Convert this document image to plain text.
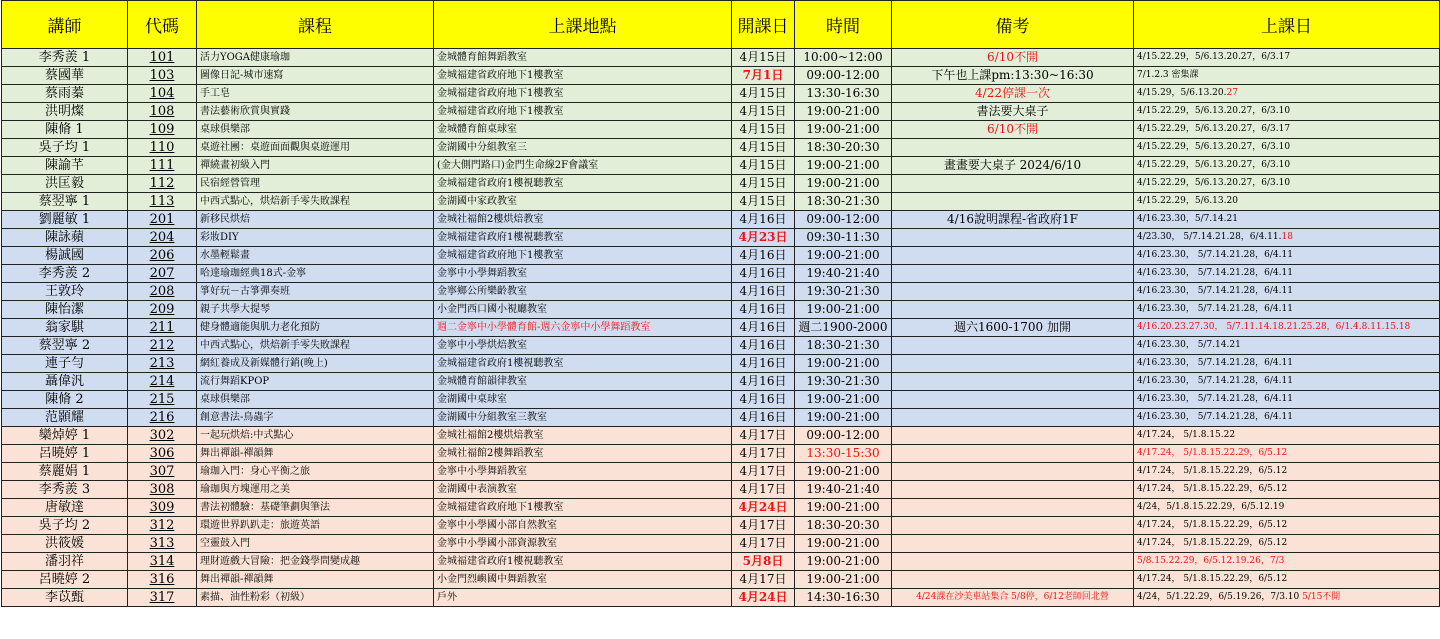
講師	代碼	課程	上課地點	開課日	時間	備考	上課日
李秀羨 1	101	活力YOGA健康瑜珈	金城體育館舞蹈教室	4月15日	10:00~12:00	6/10不開	4/15.22.29，5/6.13.20.27，6/3.17
蔡國華	103	圖像日記-城市速寫	金城福建省政府地下1樓教室	7月1日	09:00-12:00	下午也上課pm:13:30~16:30	7/1.2.3 密集課
蔡雨蓁	104	手工皂	金城福建省政府地下1樓教室	4月15日	13:30-16:30	4/22停課一次	4/15.29，5/6.13.20.27
洪明燦	108	書法藝術欣賞與實踐	金城福建省政府地下1樓教室	4月15日	19:00-21:00	書法要大桌子	4/15.22.29，5/6.13.20.27，6/3.10
陳脩 1	109	桌球俱樂部	金城體育館桌球室	4月15日	19:00-21:00	6/10不開	4/15.22.29，5/6.13.20.27，6/3.17
吳子均 1	110	桌遊社團：桌遊面面觀與桌遊運用	金湖國中分組教室三	4月15日	18:30-20:30		4/15.22.29，5/6.13.20.27，6/3.10
陳諭芊	111	禪繞畫初級入門	(金大側門路口)金門生命線2F會議室	4月15日	19:00-21:00	畫畫要大桌子 2024/6/10	4/15.22.29，5/6.13.20.27，6/3.10
洪匡毅	112	民宿經營管理	金城福建省政府1樓視聽教室	4月15日	19:00-21:00		4/15.22.29，5/6.13.20.27，6/3.10
蔡翌寧 1	113	中西式點心，烘焙新手零失敗課程	金湖國中家政教室	4月15日	18:30-21:30		4/15.22.29，5/6.13.20
劉麗敏 1	201	新移民烘焙	金城社福館2樓烘焙教室	4月16日	09:00-12:00	4/16說明課程-省政府1F	4/16.23.30，5/7.14.21
陳詠蘋	204	彩妝DIY	金城福建省政府1樓視聽教室	4月23日	09:30-11:30		4/23.30， 5/7.14.21.28，6/4.11.18
楊誠國	206	水墨輕鬆畫	金城福建省政府地下1樓教室	4月16日	19:00-21:00		4/16.23.30， 5/7.14.21.28，6/4.11
李秀羨 2	207	哈達瑜珈經典18式-金寧	金寧中小學舞蹈教室	4月16日	19:40-21:40		4/16.23.30， 5/7.14.21.28，6/4.11
王敦玲	208	箏好玩－古箏彈奏班	金寧鄉公所樂齡教室	4月16日	19:30-21:30		4/16.23.30， 5/7.14.21.28，6/4.11
陳怡潔	209	親子共學大提琴	小金門西口國小視廳教室	4月16日	19:00-21:00		4/16.23.30， 5/7.14.21.28，6/4.11
翁家騏	211	健身體適能與肌力老化預防	週二金寧中小學體育館-週六金寧中小學舞蹈教室	4月16日	週二1900-2000	週六1600-1700 加開	4/16.20.23.27.30， 5/7.11.14.18.21.25.28，6/1.4.8.11.15.18
蔡翌寧 2	212	中西式點心，烘焙新手零失敗課程	金寧中小學烘焙教室	4月16日	18:30-21:30		4/16.23.30， 5/7.14.21
連子勻	213	網紅養成及新媒體行銷(晚上)	金城福建省政府1樓視聽教室	4月16日	19:00-21:00		4/16.23.30， 5/7.14.21.28，6/4.11
聶偉汎	214	流行舞蹈KPOP	金城體育館韻律教室	4月16日	19:30-21:30		4/16.23.30， 5/7.14.21.28，6/4.11
陳脩 2	215	桌球俱樂部	金湖國中桌球室	4月16日	19:00-21:00		4/16.23.30， 5/7.14.21.28，6/4.11
范顥耀	216	創意書法-鳥蟲字	金湖國中分組教室三教室	4月16日	19:00-21:00		4/16.23.30， 5/7.14.21.28，6/4.11
欒焯婷 1	302	一起玩烘焙:中式點心	金城社福館2樓烘焙教室	4月17日	09:00-12:00		4/17.24， 5/1.8.15.22
呂曉婷 1	306	舞出禪韻-禪韻舞	金城社福館2樓舞蹈教室	4月17日	13:30-15:30		4/17.24， 5/1.8.15.22.29，6/5.12
蔡麗娟 1	307	瑜珈入門：身心平衡之旅	金寧中小學舞蹈教室	4月17日	19:00-21:00		4/17.24， 5/1.8.15.22.29，6/5.12
李秀羨 3	308	瑜珈與方塊運用之美	金湖國中表演教室	4月17日	19:40-21:40		4/17.24， 5/1.8.15.22.29，6/5.12
唐敏達	309	書法初體驗：基礎筆劃與筆法	金城福建省政府地下1樓教室	4月24日	19:00-21:00		4/24，5/1.8.15.22.29，6/5.12.19
吳子均 2	312	環遊世界趴趴走：旅遊英語	金寧中小學國小部自然教室	4月17日	18:30-20:30		4/17.24， 5/1.8.15.22.29，6/5.12
洪筱媛	313	空靈鼓入門	金寧中小學國小部資源教室	4月17日	19:00-21:00		4/17.24， 5/1.8.15.22.29，6/5.12
潘羽祥	314	理財遊戲大冒險：把金錢學問變成趣	金城福建省政府1樓視聽教室	5月8日	19:00-21:00		5/8.15.22.29，6/5.12.19.26，7/3
呂曉婷 2	316	舞出禪韻-禪韻舞	小金門烈嶼國中舞蹈教室	4月17日	19:00-21:00		4/17.24， 5/1.8.15.22.29，6/5.12
李苡甄	317	素描、油性粉彩（初級）	戶外	4月24日	14:30-16:30	4/24課在沙美車站集合 5/8停，6/12老師回北營	4/24，5/1.22.29，6/5.19.26，7/3.10 5/15不開
